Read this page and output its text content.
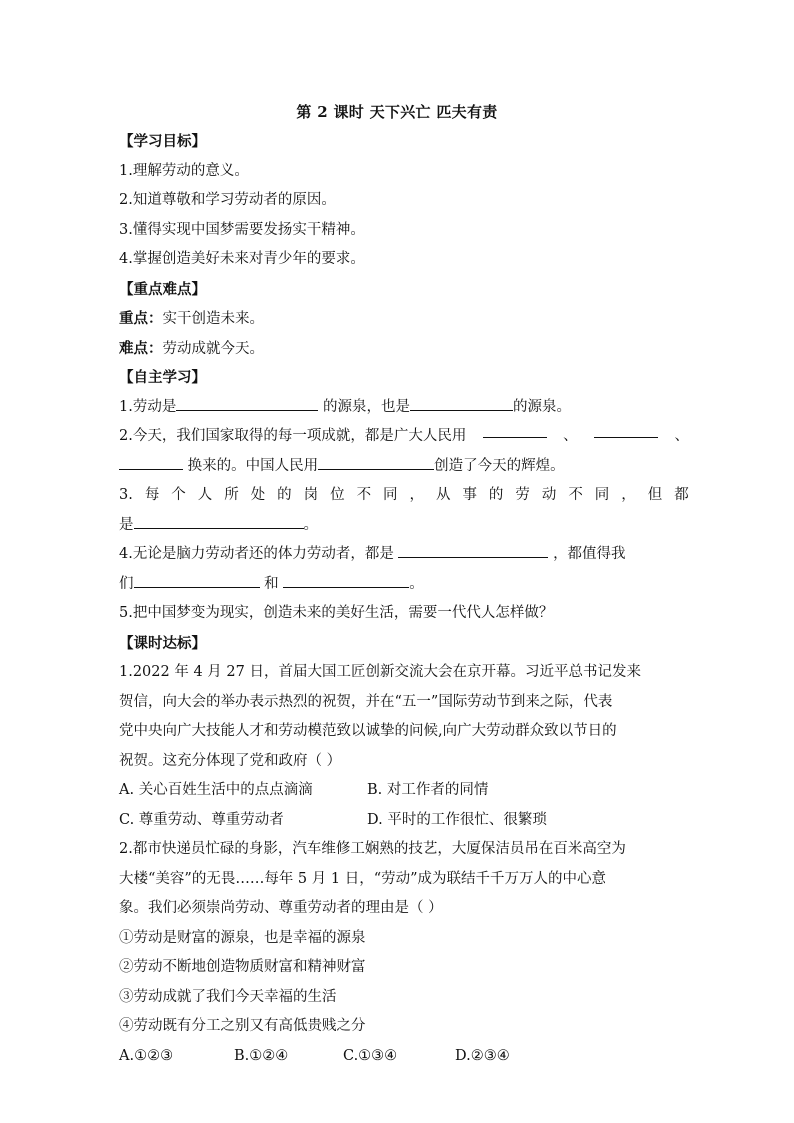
第 2 课时 天下兴亡 匹夫有责
【学习目标】
1.理解劳动的意义。
2.知道尊敬和学习劳动者的原因。
3.懂得实现中国梦需要发扬实干精神。
4.掌握创造美好未来对青少年的要求。
【重点难点】
重点：实干创造未来。
难点：劳动成就今天。
【自主学习】
1.劳动是	的源泉，也是	的源泉。
2.今天，我们国家取得的每一项成就，都是广大人民用	、	、
换来的。中国人民用	创造了今天的辉煌。
3. 每 个 人 所 处 的 岗 位 不 同 ， 从 事 的 劳 动 不 同 ， 但 都
是	。
4.无论是脑力劳动者还的体力劳动者，都是	，都值得我
们	和	。
5.把中国梦变为现实，创造未来的美好生活，需要一代代人怎样做？
【课时达标】
1.2022 年 4 月 27 日，首届大国工匠创新交流大会在京开幕。习近平总书记发来
贺信，向大会的举办表示热烈的祝贺，并在“五一”国际劳动节到来之际，代表
党中央向广大技能人才和劳动模范致以诚挚的问候,向广大劳动群众致以节日的
祝贺。这充分体现了党和政府（ ）
A. 关心百姓生活中的点点滴滴	B. 对工作者的同情
C. 尊重劳动、尊重劳动者	D. 平时的工作很忙、很繁琐
2.都市快递员忙碌的身影，汽车维修工娴熟的技艺，大厦保洁员吊在百米高空为
大楼“美容”的无畏……每年 5 月 1 日，“劳动”成为联结千千万万人的中心意
象。我们必须崇尚劳动、尊重劳动者的理由是（ ）
①劳动是财富的源泉，也是幸福的源泉
②劳动不断地创造物质财富和精神财富
③劳动成就了我们今天幸福的生活
④劳动既有分工之别又有高低贵贱之分
A.①②③	B.①②④	C.①③④	D.②③④
